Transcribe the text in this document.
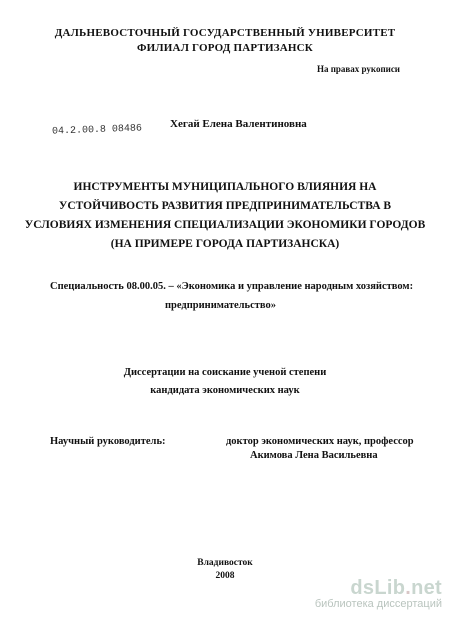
ДАЛЬНЕВОСТОЧНЫЙ ГОСУДАРСТВЕННЫЙ УНИВЕРСИТЕТ
ФИЛИАЛ ГОРОД ПАРТИЗАНСК
На правах рукописи
04.2.00.8 08486	Хегай Елена Валентиновна
ИНСТРУМЕНТЫ МУНИЦИПАЛЬНОГО ВЛИЯНИЯ НА
УСТОЙЧИВОСТЬ РАЗВИТИЯ ПРЕДПРИНИМАТЕЛЬСТВА В
УСЛОВИЯХ ИЗМЕНЕНИЯ СПЕЦИАЛИЗАЦИИ ЭКОНОМИКИ ГОРОДОВ
(НА ПРИМЕРЕ ГОРОДА ПАРТИЗАНСКА)
Специальность 08.00.05. – «Экономика и управление народным хозяйством:
предпринимательство»
Диссертации на соискание ученой степени
кандидата экономических наук
Научный руководитель:	доктор экономических наук, профессор
Акимова Лена Васильевна
Владивосток
2008
dsLib.net
библиотека диссертаций
